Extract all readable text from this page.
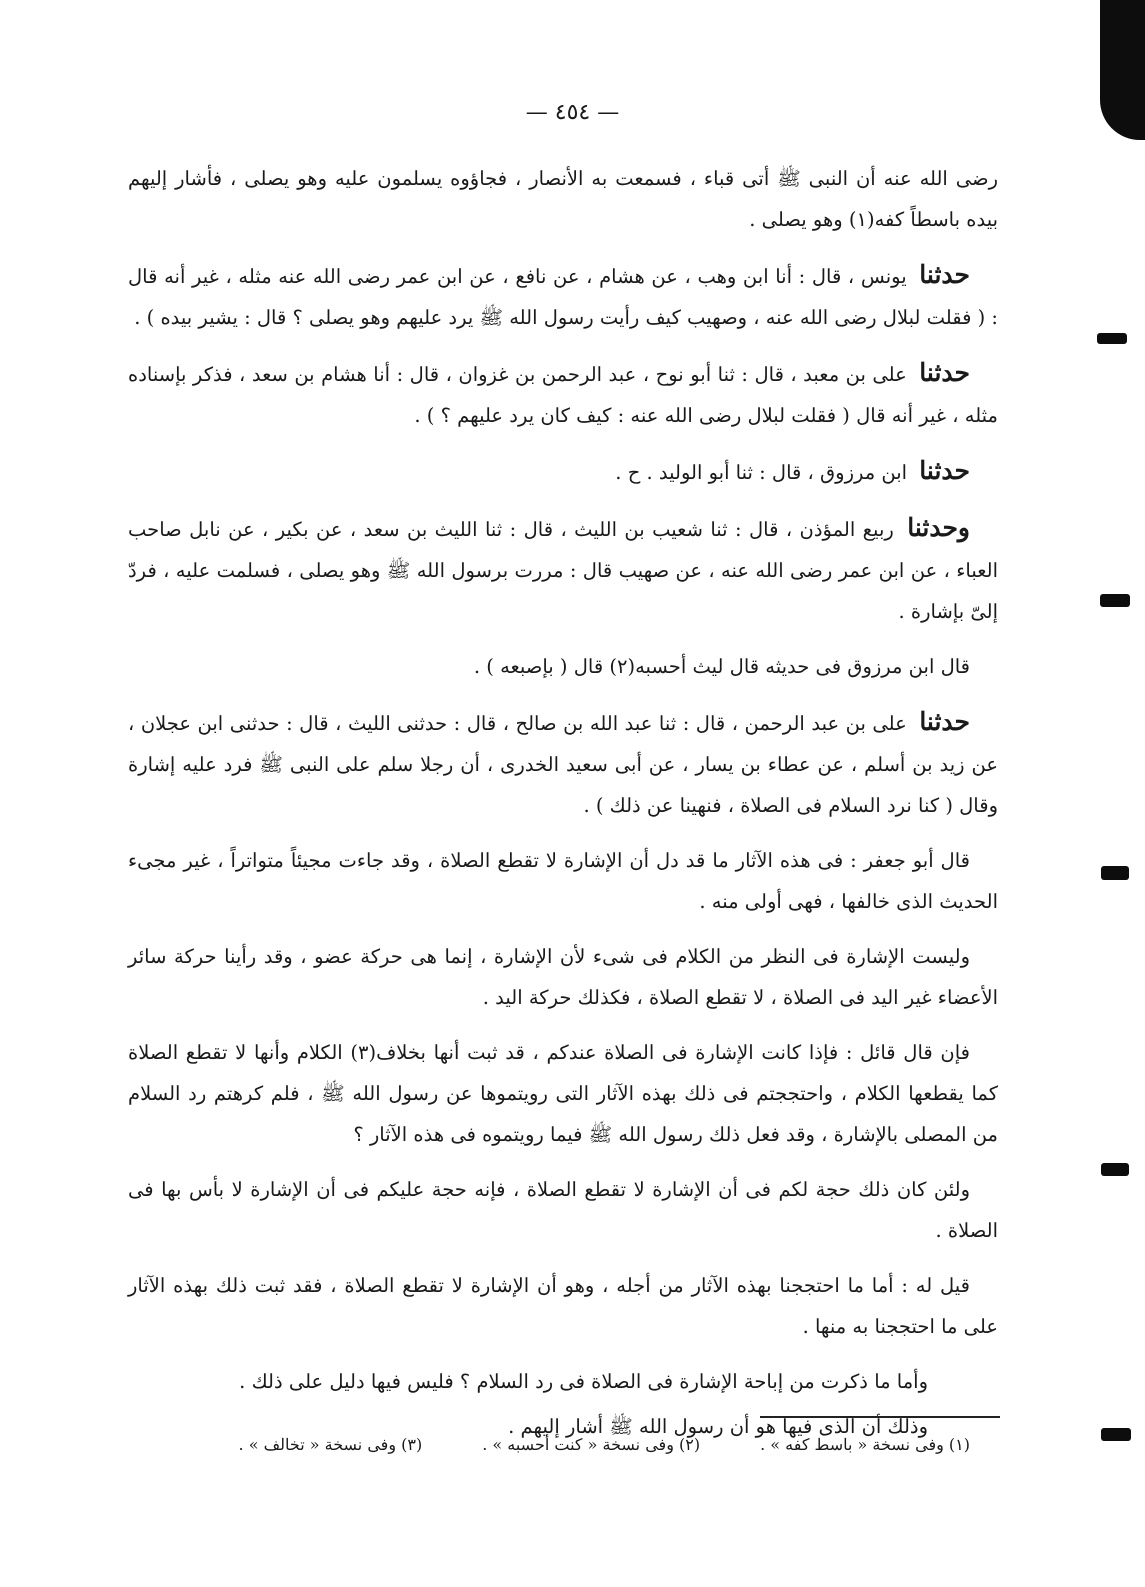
— ٤٥٤ —

رضى الله عنه أن النبى ﷺ أتى قباء ، فسمعت به الأنصار ، فجاؤوه يسلمون عليه وهو يصلى ، فأشار إليهم بيده باسطاً كفه(١) وهو يصلى .

حدثنا يونس ، قال : أنا ابن وهب ، عن هشام ، عن نافع ، عن ابن عمر رضى الله عنه مثله ، غير أنه قال : ( فقلت لبلال رضى الله عنه ، وصهيب كيف رأيت رسول الله ﷺ يرد عليهم وهو يصلى ؟ قال : يشير بيده ) .

حدثنا على بن معبد ، قال : ثنا أبو نوح ، عبد الرحمن بن غزوان ، قال : أنا هشام بن سعد ، فذكر بإسناده مثله ، غير أنه قال ( فقلت لبلال رضى الله عنه : كيف كان يرد عليهم ؟ ) .

حدثنا ابن مرزوق ، قال : ثنا أبو الوليد . ح .

وحدثنا ربيع المؤذن ، قال : ثنا شعيب بن الليث ، قال : ثنا الليث بن سعد ، عن بكير ، عن نابل صاحب العباء ، عن ابن عمر رضى الله عنه ، عن صهيب قال : مررت برسول الله ﷺ وهو يصلى ، فسلمت عليه ، فردّ إلىّ بإشارة .

قال ابن مرزوق فى حديثه قال ليث أحسبه(٢) قال ( بإصبعه ) .

حدثنا على بن عبد الرحمن ، قال : ثنا عبد الله بن صالح ، قال : حدثنى الليث ، قال : حدثنى ابن عجلان ، عن زيد بن أسلم ، عن عطاء بن يسار ، عن أبى سعيد الخدرى ، أن رجلا سلم على النبى ﷺ فرد عليه إشارة وقال ( كنا نرد السلام فى الصلاة ، فنهينا عن ذلك ) .

قال أبو جعفر : فى هذه الآثار ما قد دل أن الإشارة لا تقطع الصلاة ، وقد جاءت مجيئاً متواتراً ، غير مجىء الحديث الذى خالفها ، فهى أولى منه .

وليست الإشارة فى النظر من الكلام فى شىء لأن الإشارة ، إنما هى حركة عضو ، وقد رأينا حركة سائر الأعضاء غير اليد فى الصلاة ، لا تقطع الصلاة ، فكذلك حركة اليد .

فإن قال قائل : فإذا كانت الإشارة فى الصلاة عندكم ، قد ثبت أنها بخلاف(٣) الكلام وأنها لا تقطع الصلاة كما يقطعها الكلام ، واحتججتم فى ذلك بهذه الآثار التى رويتموها عن رسول الله ﷺ ، فلم كرهتم رد السلام من المصلى بالإشارة ، وقد فعل ذلك رسول الله ﷺ فيما رويتموه فى هذه الآثار ؟

ولئن كان ذلك حجة لكم فى أن الإشارة لا تقطع الصلاة ، فإنه حجة عليكم فى أن الإشارة لا بأس بها فى الصلاة .

قيل له : أما ما احتججنا بهذه الآثار من أجله ، وهو أن الإشارة لا تقطع الصلاة ، فقد ثبت ذلك بهذه الآثار على ما احتججنا به منها .

وأما ما ذكرت من إباحة الإشارة فى الصلاة فى رد السلام ؟ فليس فيها دليل على ذلك .

وذلك أن الذى فيها هو أن رسول الله ﷺ أشار إليهم .

(١) وفى نسخة « باسط كفه » .
(٢) وفى نسخة « كنت أحسبه » .
(٣) وفى نسخة « تخالف » .
